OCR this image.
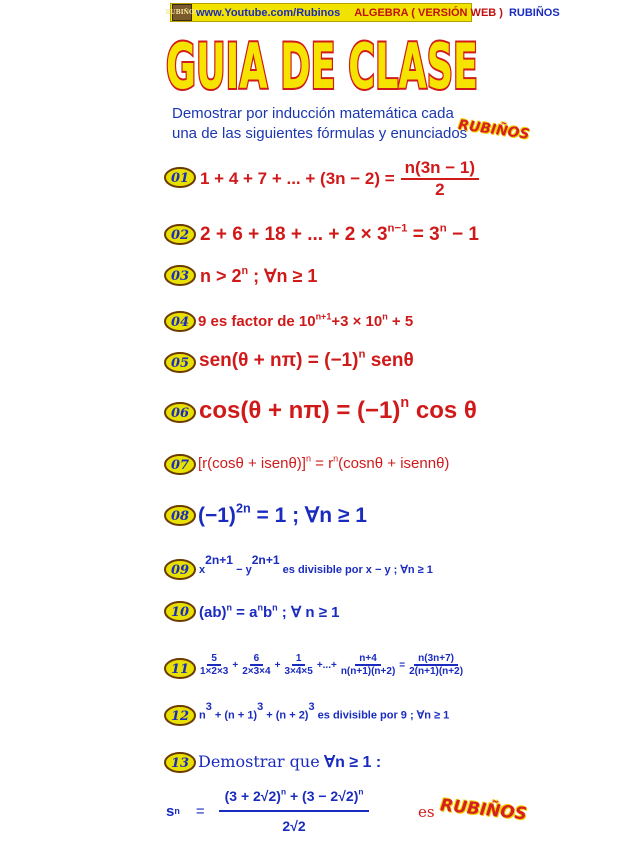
RUBIÑOS
www.Youtube.com/Rubinos ALGEBRA ( VERSIÓN WEB ) RUBIÑOS
GUIA DE CLASE
Demostrar por inducción matemática cada una de las siguientes fórmulas y enunciados
RUBIÑOS
01 1 + 4 + 7 + ... + $(3n - 2) = \frac{n(3n - 1)}{2}$
02 2 + 6 + 18 + ... + $2 \times 3^{n-1} = 3^n - 1$
03 $n > 2^n$ ; ∀n ≥ 1
04 9 es factor de $10^{n+1}+3 \times 10^n + 5$
05 $sen(\theta + n\pi) = (-1)^n$ senθ
06 $\cos(\theta + n\pi) = (-1)^n$ cos θ
07 [r(cosθ + isenθ)]$^n$ = $r^n(\cos n\theta$ + isennθ)
08 $(-1)^{2n} = 1$ ; ∀n ≥ 1
09 $x^{2n+1} - y^{2n+1}$ es divisible por x − y ; ∀n ≥ 1
10 $(ab)^n = a^nb^n$ ; ∀ n ≥ 1
$11 \frac{5}{1\times 2\times 3} + \frac{6}{2\times 3\times 4} + \frac{1}{3\times 4\times 5}$ +...+ $\frac{n+4}{n(n+1)(n+2)} = \frac{n(3n+7)}{2(n+1)(n+2)}$
12 $n^3 + (n + 1)^3 + (n + 2)^3$ es divisible por 9 ; ∀n ≥ 1
13 Demostrar que ∀n ≥ 1 :
s $n = \frac{(3 + 2√2)^n + (3 - 2√2)^n}{2√2}$	es RUBIÑOS
